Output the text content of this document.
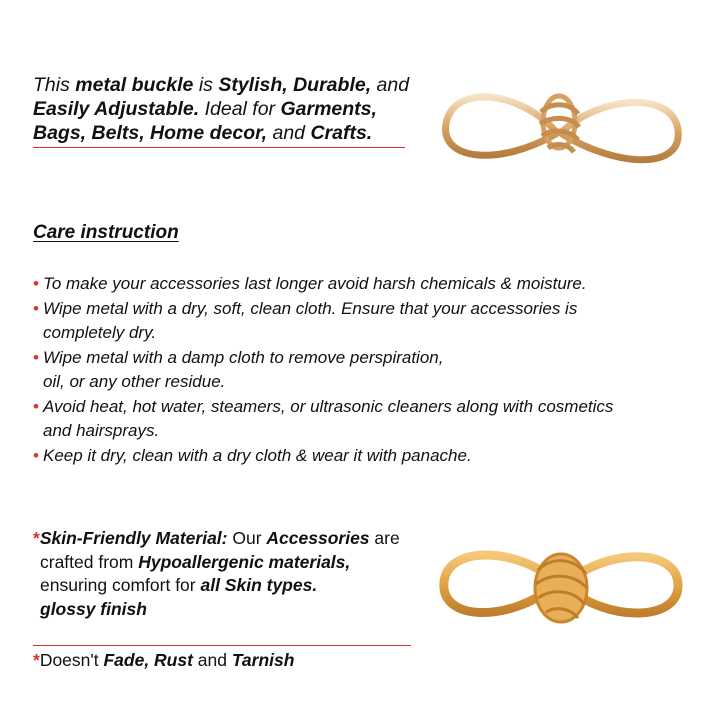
This metal buckle is Stylish, Durable, and
Easily Adjustable. Ideal for Garments,
Bags, Belts, Home decor, and Crafts.
Care instruction
• To make your accessories last longer avoid harsh chemicals & moisture.
• Wipe metal with a dry, soft, clean cloth. Ensure that your accessories is
completely dry.
• Wipe metal with a damp cloth to remove perspiration,
oil, or any other residue.
• Avoid heat, hot water, steamers, or ultrasonic cleaners along with cosmetics
and hairsprays.
• Keep it dry, clean with a dry cloth & wear it with panache.
*Skin-Friendly Material: Our Accessories are
crafted from Hypoallergenic materials,
ensuring comfort for all Skin types.
glossy finish
*Doesn't Fade, Rust and Tarnish
